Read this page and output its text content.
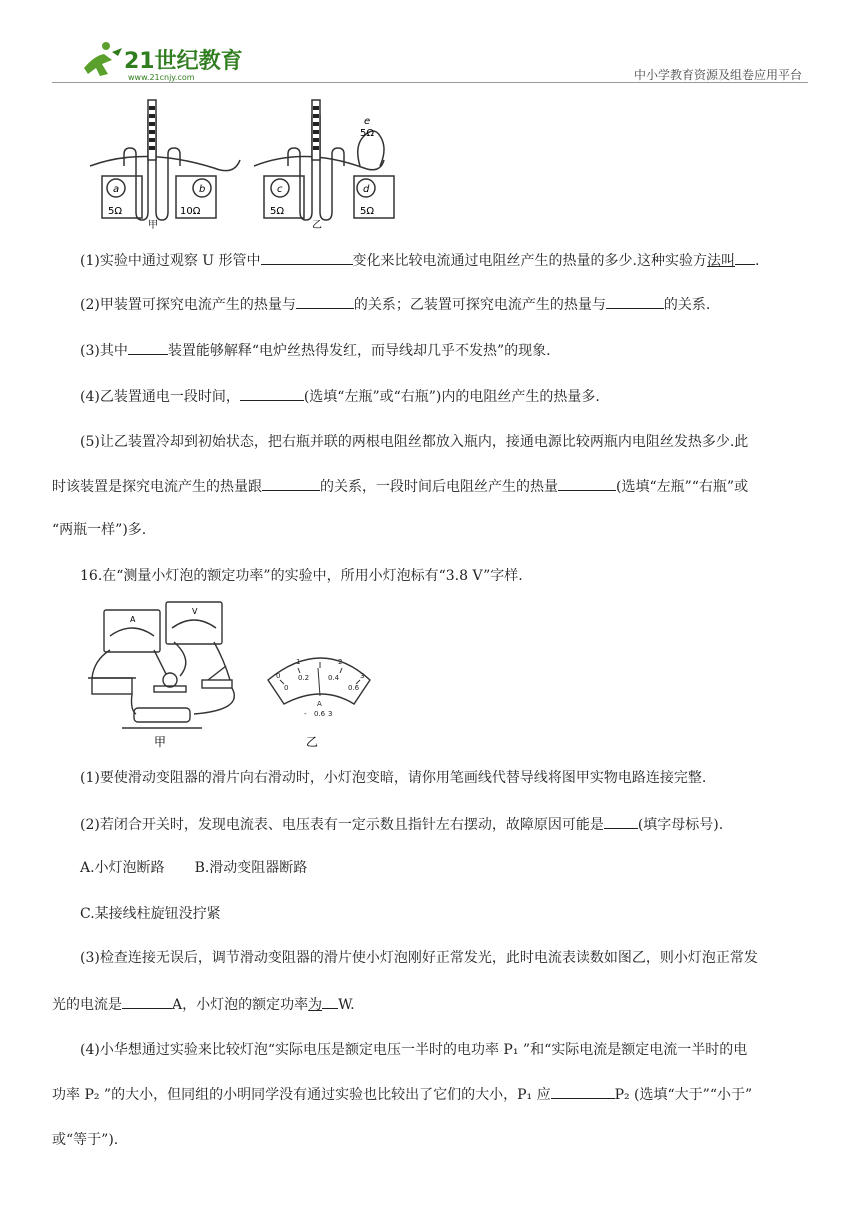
21世纪教育
www.21cnjy.com	中小学教育资源及组卷应用平台
a	b	c	d
e
5Ω	10Ω	5Ω	5Ω
5Ω
甲	乙
(1)实验中通过观察 U 形管中	变化来比较电流通过电阻丝产生的热量的多少.这种实验方法叫 .
(2)甲装置可探究电流产生的热量与	的关系；乙装置可探究电流产生的热量与	的关系.
(3)其中	装置能够解释“电炉丝热得发红，而导线却几乎不发热”的现象.
(4)乙装置通电一段时间，	(选填“左瓶”或“右瓶”)内的电阻丝产生的热量多.
(5)让乙装置冷却到初始状态，把右瓶并联的两根电阻丝都放入瓶内，接通电源比较两瓶内电阻丝发热多少.此
时该装置是探究电流产生的热量跟	的关系，一段时间后电阻丝产生的热量	(选填“左瓶”“右瓶”或
“两瓶一样”)多.
16.在“测量小灯泡的额定功率”的实验中，所用小灯泡标有“3.8 V”字样.
A
V
0
1	2
3
0
0.2	0.4
0.6
A
- 0.6 3
甲	乙
(1)要使滑动变阻器的滑片向右滑动时，小灯泡变暗，请你用笔画线代替导线将图甲实物电路连接完整.
(2)若闭合开关时，发现电流表、电压表有一定示数且指针左右摆动，故障原因可能是 (填字母标号).
A.小灯泡断路 B.滑动变阻器断路
C.某接线柱旋钮没拧紧
(3)检查连接无误后，调节滑动变阻器的滑片使小灯泡刚好正常发光，此时电流表读数如图乙，则小灯泡正常发
光的电流是	A，小灯泡的额定功率为 W.
(4)小华想通过实验来比较灯泡“实际电压是额定电压一半时的电功率 P₁ ”和“实际电流是额定电流一半时的电
功率 P₂ ”的大小，但同组的小明同学没有通过实验也比较出了它们的大小，P₁ 应	P₂ (选填“大于”“小于”
或“等于”).
